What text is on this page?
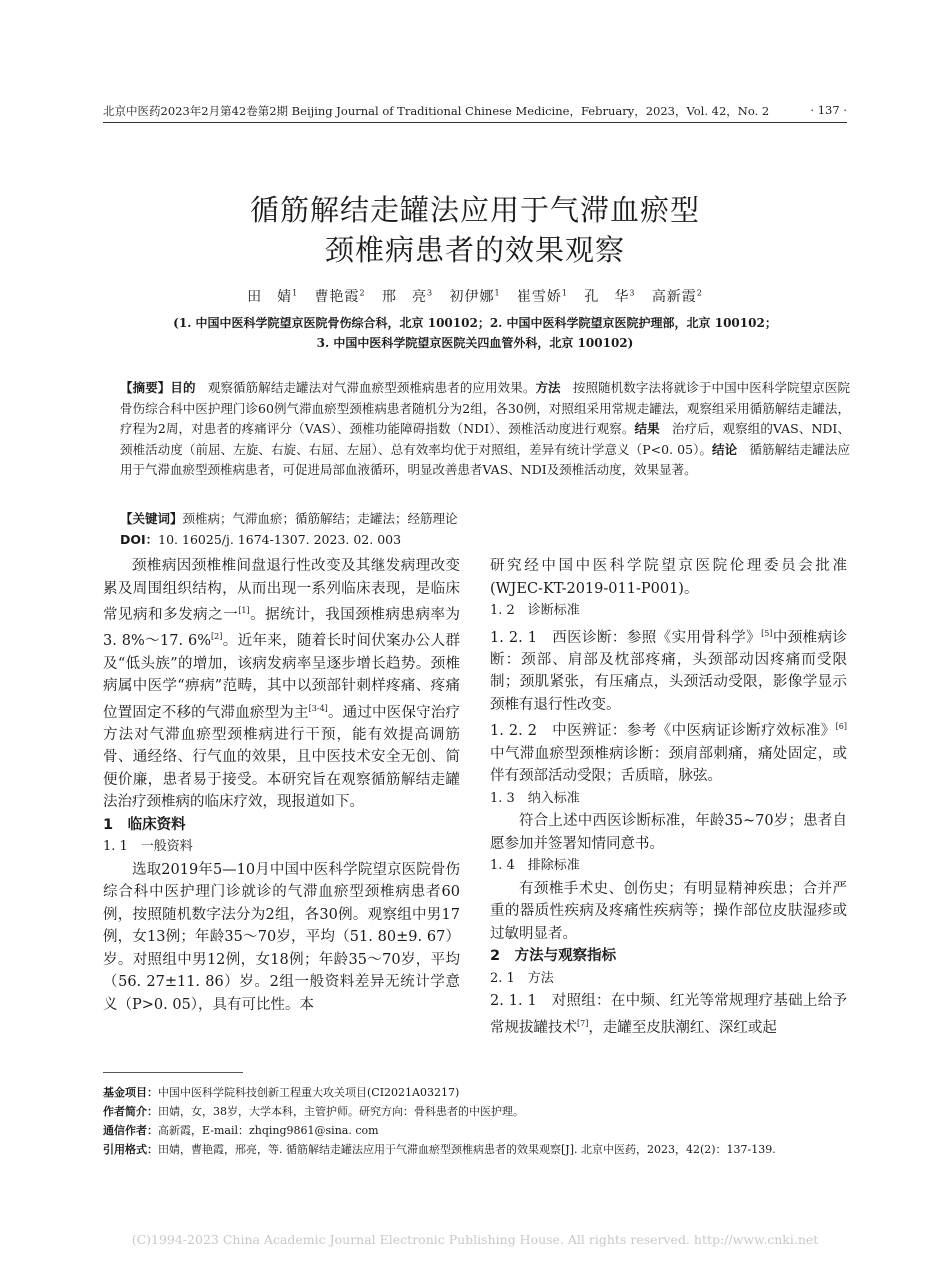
北京中医药2023年2月第42卷第2期 Beijing Journal of Traditional Chinese Medicine，February，2023，Vol. 42，No. 2	· 137 ·
循筋解结走罐法应用于气滞血瘀型
颈椎病患者的效果观察
田　婧$^1$ 曹艳霞$^2$ 邢　亮$^3$ 初伊娜$^1$ 崔雪娇$^1$ 孔　华$^3$ 高新霞$^2$
(1. 中国中医科学院望京医院骨伤综合科，北京 100102；2. 中国中医科学院望京医院护理部，北京 100102；
3. 中国中医科学院望京医院关四血管外科，北京 100102)
【摘要】目的 观察循筋解结走罐法对气滞血瘀型颈椎病患者的应用效果。方法 按照随机数字法将就诊于中国中医科学院望京医院骨伤综合科中医护理门诊60例气滞血瘀型颈椎病患者随机分为2组，各30例，对照组采用常规走罐法，观察组采用循筋解结走罐法，疗程为2周，对患者的疼痛评分（VAS）、颈椎功能障碍指数（NDI）、颈椎活动度进行观察。结果 治疗后，观察组的VAS、NDI、颈椎活动度（前屈、左旋、右旋、右屈、左屈）、总有效率均优于对照组，差异有统计学意义（P<0. 05）。结论 循筋解结走罐法应用于气滞血瘀型颈椎病患者，可促进局部血液循环，明显改善患者VAS、NDI及颈椎活动度，效果显著。
【关键词】颈椎病；气滞血瘀；循筋解结；走罐法；经筋理论
DOI：10. 16025/j. 1674-1307. 2023. 02. 003

颈椎病因颈椎椎间盘退行性改变及其继发病理改变累及周围组织结构，从而出现一系列临床表现，是临床常见病和多发病之一[1]。据统计，我国颈椎病患病率为3. 8%～17. 6%[2]。近年来，随着长时间伏案办公人群及“低头族”的增加，该病发病率呈逐步增长趋势。颈椎病属中医学“痹病”范畴，其中以颈部针刺样疼痛、疼痛位置固定不移的气滞血瘀型为主[3-4]。通过中医保守治疗方法对气滞血瘀型颈椎病进行干预，能有效提高调筋骨、通经络、行气血的效果，且中医技术安全无创、简便价廉，患者易于接受。本研究旨在观察循筋解结走罐法治疗颈椎病的临床疗效，现报道如下。

1　临床资料

1. 1　一般资料

选取2019年5—10月中国中医科学院望京医院骨伤综合科中医护理门诊就诊的气滞血瘀型颈椎病患者60例，按照随机数字法分为2组，各30例。观察组中男17例，女13例；年龄35～70岁，平均（51. 80±9. 67）岁。对照组中男12例，女18例；年龄35～70岁，平均（56. 27±11. 86）岁。2组一般资料差异无统计学意义（P>0. 05），具有可比性。本

研究经中国中医科学院望京医院伦理委员会批准(WJEC-KT-2019-011-P001)。

1. 2　诊断标准

1. 2. 1　西医诊断：参照《实用骨科学》[5]中颈椎病诊断：颈部、肩部及枕部疼痛，头颈部动因疼痛而受限制；颈肌紧张，有压痛点，头颈活动受限，影像学显示颈椎有退行性改变。

1. 2. 2　中医辨证：参考《中医病证诊断疗效标准》[6]中气滞血瘀型颈椎病诊断：颈肩部刺痛，痛处固定，或伴有颈部活动受限；舌质暗，脉弦。

1. 3　纳入标准

符合上述中西医诊断标准，年龄35~70岁；患者自愿参加并签署知情同意书。

1. 4　排除标准

有颈椎手术史、创伤史；有明显精神疾患；合并严重的器质性疾病及疼痛性疾病等；操作部位皮肤湿疹或过敏明显者。

2　方法与观察指标

2. 1　方法

2. 1. 1　对照组：在中频、红光等常规理疗基础上给予常规拔罐技术[7]，走罐至皮肤潮红、深红或起

基金项目：中国中医科学院科技创新工程重大攻关项目(CI2021A03217)
作者简介：田婧，女，38岁，大学本科，主管护师。研究方向：骨科患者的中医护理。
通信作者：高新霞，E-mail：zhqing9861@sina. com
引用格式：田婧，曹艳霞，邢亮，等. 循筋解结走罐法应用于气滞血瘀型颈椎病患者的效果观察[J]. 北京中医药，2023，42(2)：137-139.
(C)1994-2023 China Academic Journal Electronic Publishing House. All rights reserved. http://www.cnki.net
